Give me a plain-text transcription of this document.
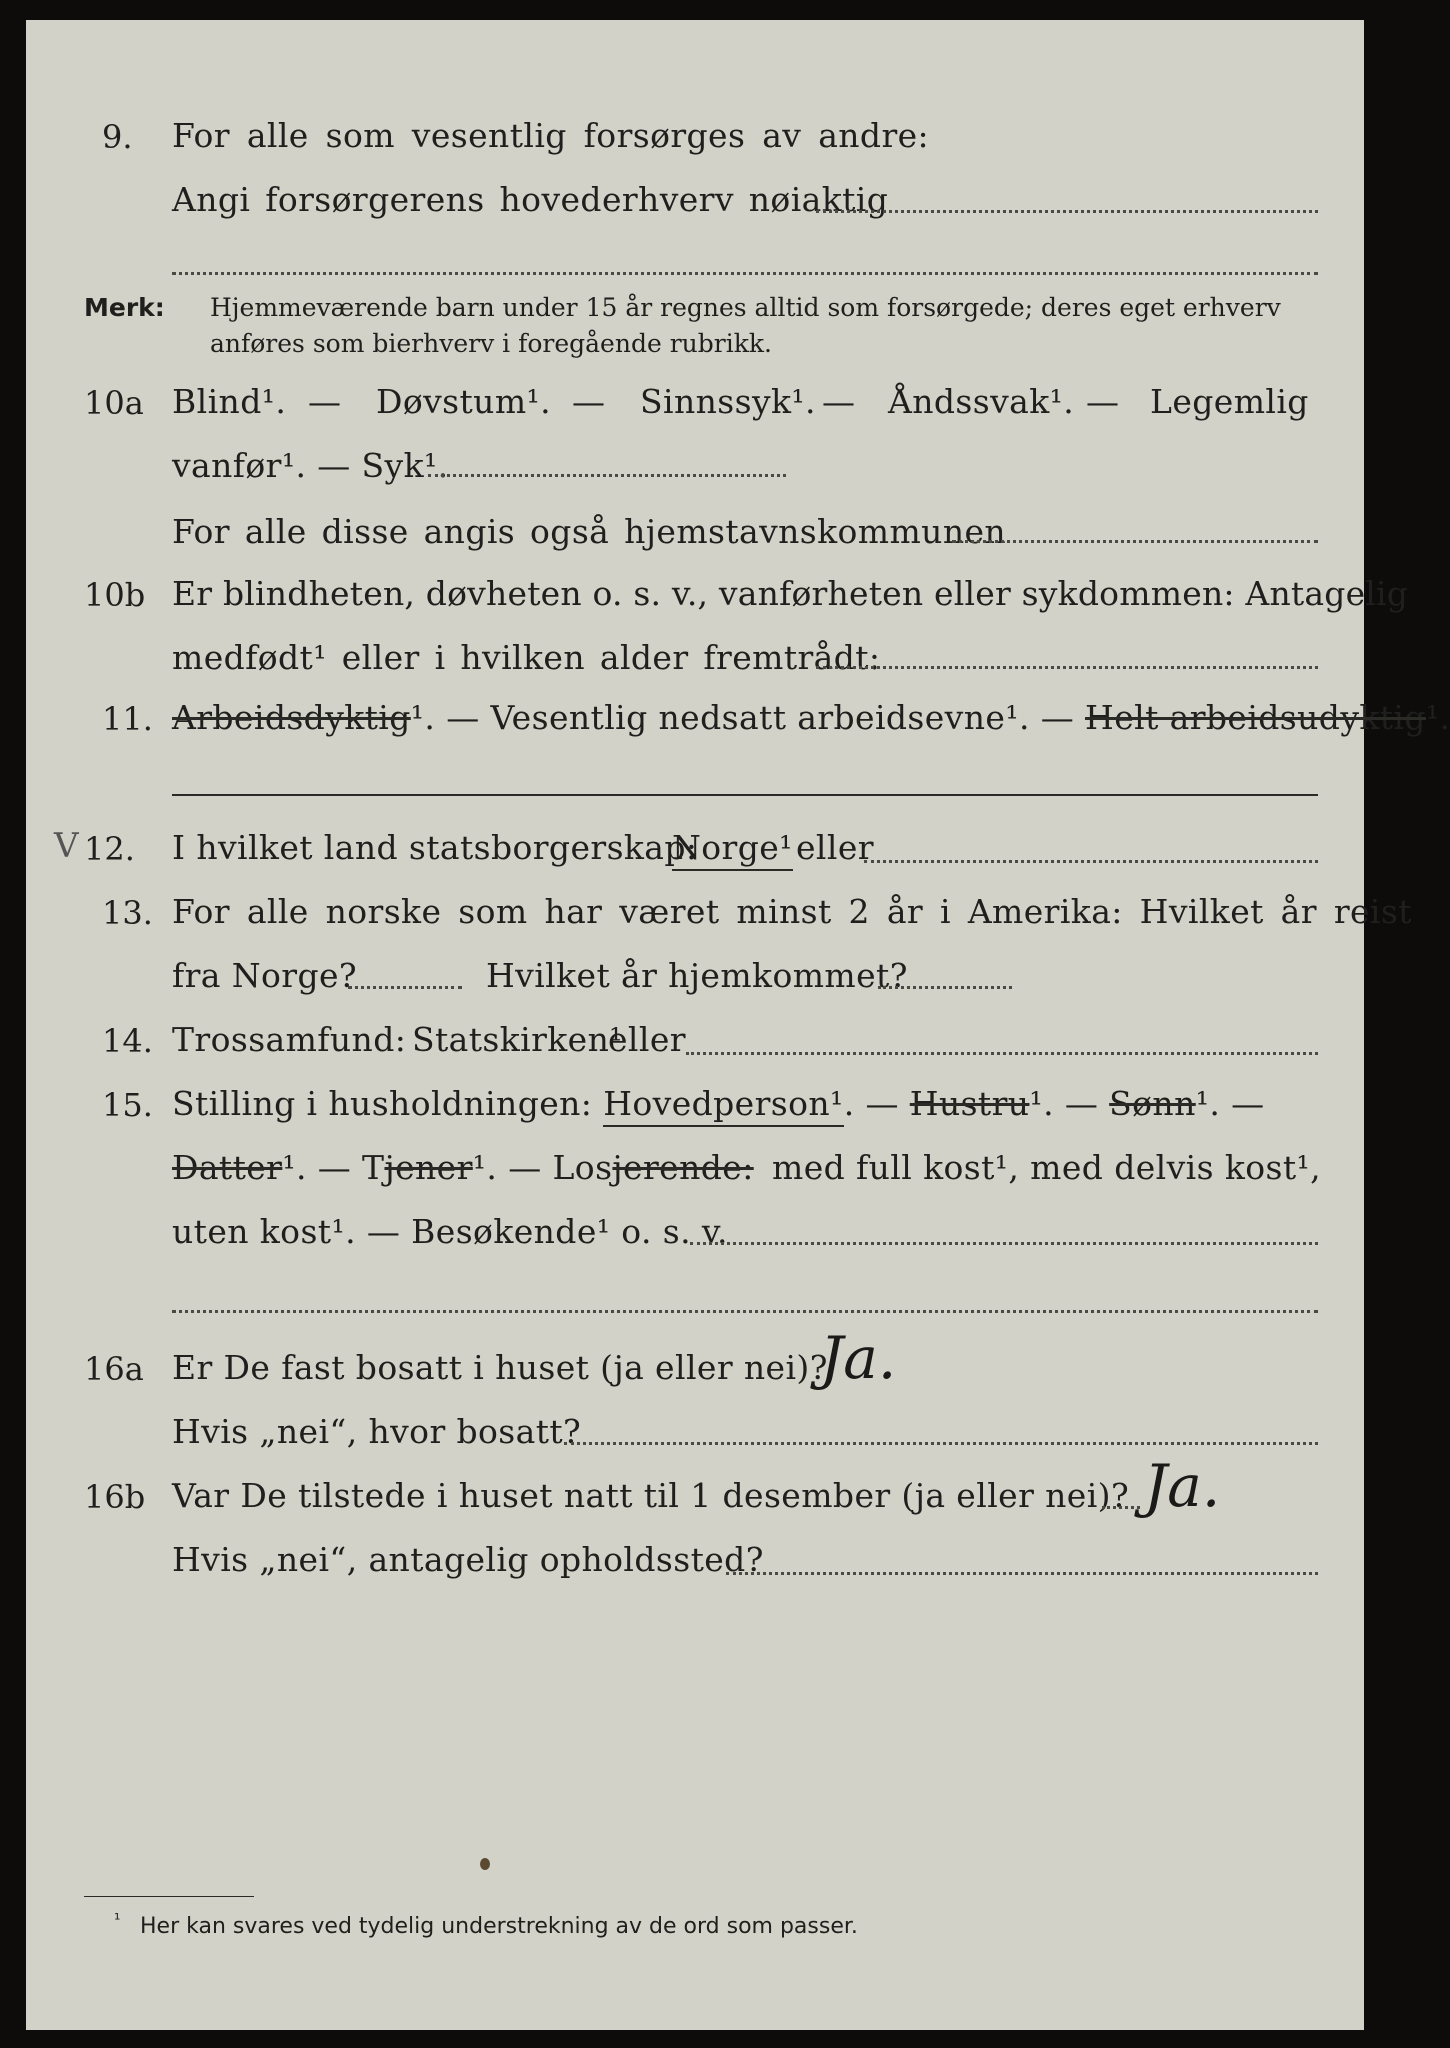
9. For alle som vesentlig forsørges av andre:
Angi forsørgerens hovederhverv nøiaktig
Merk: Hjemmeværende barn under 15 år regnes alltid som forsørgede; deres eget erhverv
anføres som bierhverv i foregående rubrikk.
10a Blind¹. — Døvstum¹. — Sinnssyk¹. — Åndssvak¹. — Legemlig
vanfør¹. — Syk¹.
For alle disse angis også hjemstavnskommunen
10b Er blindheten, døvheten o. s. v., vanførheten eller sykdommen: Antagelig
medfødt¹ eller i hvilken alder fremtrådt:
11. Arbeidsdyktig¹. — Vesentlig nedsatt arbeidsevne¹. — Helt arbeidsudyktig¹.
V 12. I hvilket land statsborgerskap:
Norge¹ eller
13. For alle norske som har været minst 2 år i Amerika: Hvilket år reist
fra Norge?	Hvilket år hjemkommet?
14. Trossamfund: Statskirken¹
eller
15. Stilling i husholdningen: Hovedperson¹. — Hustru¹. — Sønn¹. —
Datter¹. — Tjener¹. — Losjerende: med full kost¹, med delvis kost¹,
uten kost¹. — Besøkende¹ o. s. v.
16a Er De fast bosatt i huset (ja eller nei)?
Ja.
Hvis „nei“, hvor bosatt?
16b Var De tilstede i huset natt til 1 desember (ja eller nei)? Ja.
Hvis „nei“, antagelig opholdssted?
¹ Her kan svares ved tydelig understrekning av de ord som passer.
